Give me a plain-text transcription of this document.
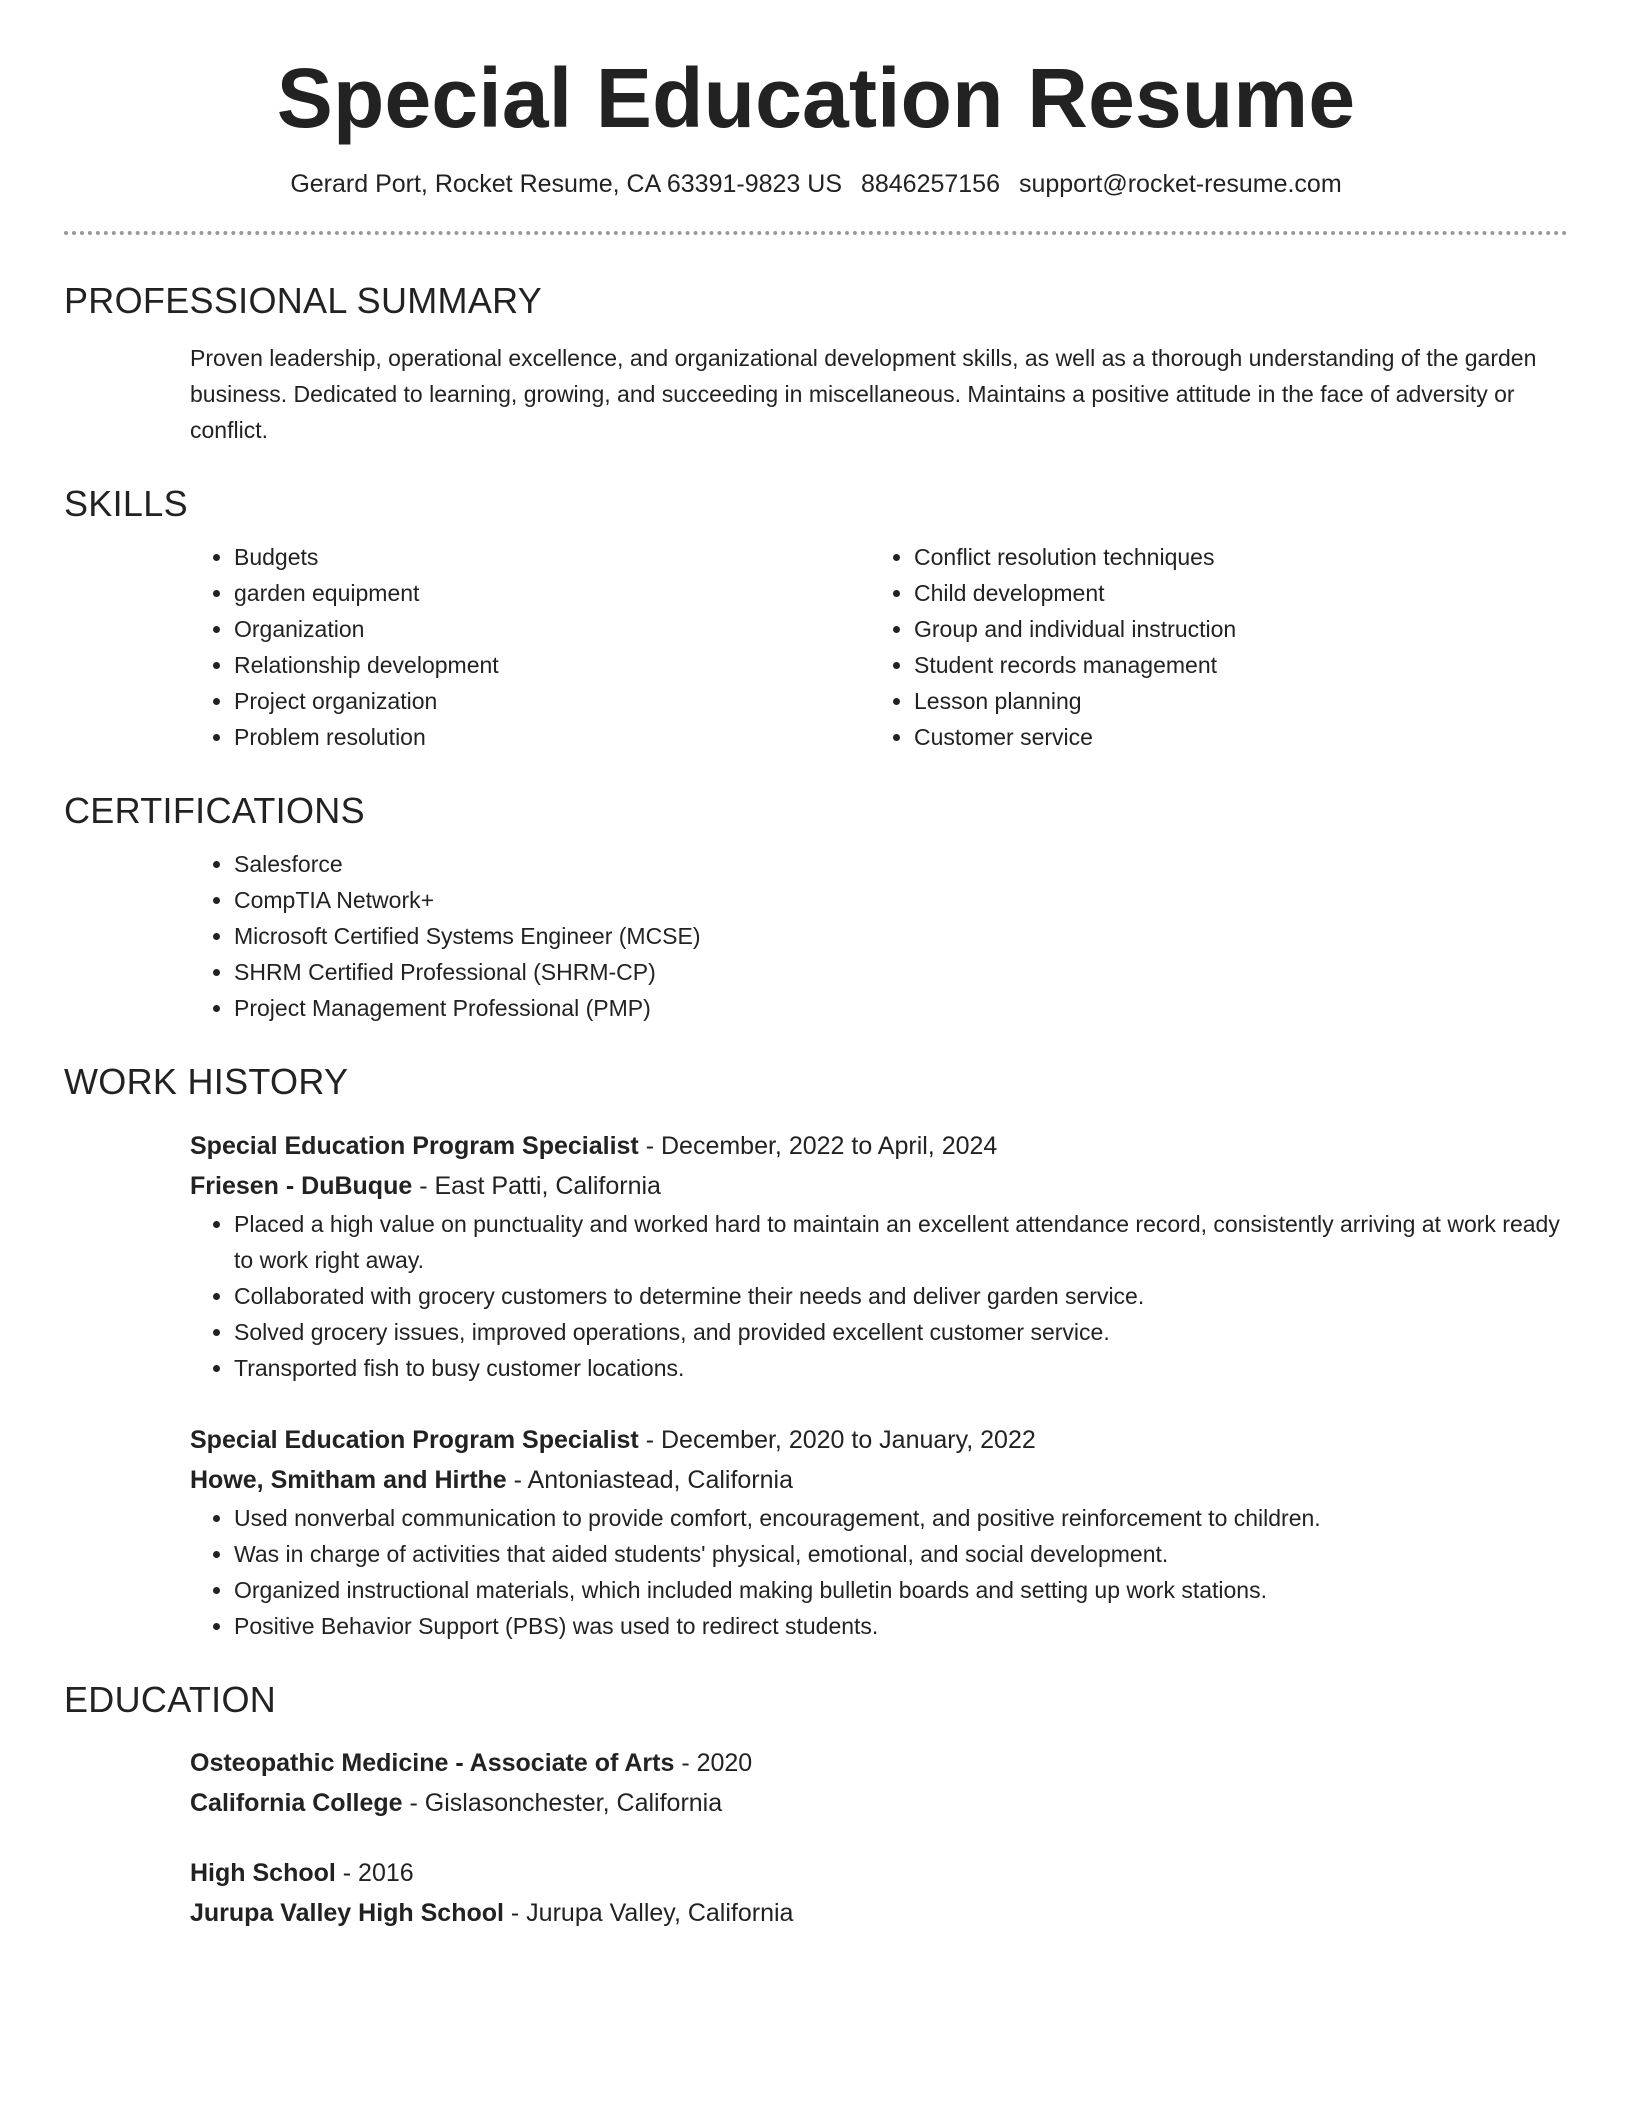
Special Education Resume
Gerard Port, Rocket Resume, CA 63391-9823 US 8846257156 support@rocket-resume.com
PROFESSIONAL SUMMARY
Proven leadership, operational excellence, and organizational development skills, as well as a thorough understanding of the garden business. Dedicated to learning, growing, and succeeding in miscellaneous. Maintains a positive attitude in the face of adversity or conflict.
SKILLS
• Budgets
• garden equipment
• Organization
• Relationship development
• Project organization
• Problem resolution
• Conflict resolution techniques
• Child development
• Group and individual instruction
• Student records management
• Lesson planning
• Customer service
CERTIFICATIONS
• Salesforce
• CompTIA Network+
• Microsoft Certified Systems Engineer (MCSE)
• SHRM Certified Professional (SHRM-CP)
• Project Management Professional (PMP)
WORK HISTORY
Special Education Program Specialist - December, 2022 to April, 2024
Friesen - DuBuque - East Patti, California
• Placed a high value on punctuality and worked hard to maintain an excellent attendance record, consistently arriving at work ready to work right away.
• Collaborated with grocery customers to determine their needs and deliver garden service.
• Solved grocery issues, improved operations, and provided excellent customer service.
• Transported fish to busy customer locations.
Special Education Program Specialist - December, 2020 to January, 2022
Howe, Smitham and Hirthe - Antoniastead, California
• Used nonverbal communication to provide comfort, encouragement, and positive reinforcement to children.
• Was in charge of activities that aided students' physical, emotional, and social development.
• Organized instructional materials, which included making bulletin boards and setting up work stations.
• Positive Behavior Support (PBS) was used to redirect students.
EDUCATION
Osteopathic Medicine - Associate of Arts - 2020
California College - Gislasonchester, California
High School - 2016
Jurupa Valley High School - Jurupa Valley, California
